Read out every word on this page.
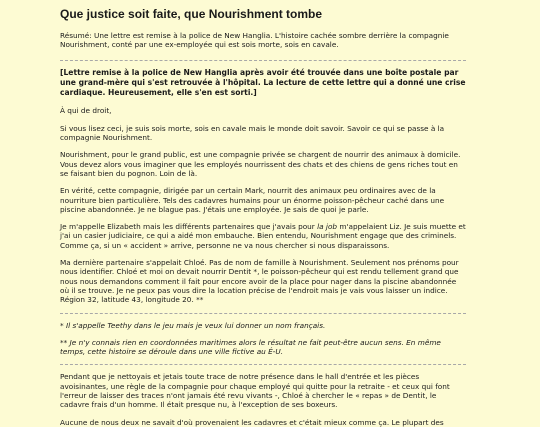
Que justice soit faite, que Nourishment tombe

Résumé: Une lettre est remise à la police de New Hanglia. L'histoire cachée sombre derrière la compagnie Nourishment, conté par une ex-employée qui est sois morte, sois en cavale.

[Lettre remise à la police de New Hanglia après avoir été trouvée dans une boîte postale par une grand-mère qui s'est retrouvée à l'hôpital. La lecture de cette lettre qui a donné une crise cardiaque. Heureusement, elle s'en est sorti.]

À qui de droit,

Si vous lisez ceci, je suis sois morte, sois en cavale mais le monde doit savoir. Savoir ce qui se passe à la compagnie Nourishment.

Nourishment, pour le grand public, est une compagnie privée se chargent de nourrir des animaux à domicile. Vous devez alors vous imaginer que les employés nourrissent des chats et des chiens de gens riches tout en se faisant bien du pognon. Loin de là.

En vérité, cette compagnie, dirigée par un certain Mark, nourrit des animaux peu ordinaires avec de la nourriture bien particulière. Tels des cadavres humains pour un énorme poisson-pêcheur caché dans une piscine abandonnée. Je ne blague pas. J'étais une employée. Je sais de quoi je parle.

Je m'appelle Elizabeth mais les différents partenaires que j'avais pour la job m'appelaient Liz. Je suis muette et j'ai un casier judiciaire, ce qui a aidé mon embauche. Bien entendu, Nourishment engage que des criminels. Comme ça, si un « accident » arrive, personne ne va nous chercher si nous disparaissons.

Ma dernière partenaire s'appelait Chloé. Pas de nom de famille à Nourishment. Seulement nos prénoms pour nous identifier. Chloé et moi on devait nourrir Dentit *, le poisson-pêcheur qui est rendu tellement grand que nous nous demandons comment il fait pour encore avoir de la place pour nager dans la piscine abandonnée où il se trouve. Je ne peux pas vous dire la location précise de l'endroit mais je vais vous laisser un indice. Région 32, latitude 43, longitude 20. **

* Il s'appelle Teethy dans le jeu mais je veux lui donner un nom français.

** Je n'y connais rien en coordonnées maritimes alors le résultat ne fait peut-être aucun sens. En même temps, cette histoire se déroule dans une ville fictive au É-U.

Pendant que je nettoyais et jetais toute trace de notre présence dans le hall d'entrée et les pièces avoisinantes, une règle de la compagnie pour chaque employé qui quitte pour la retraite - et ceux qui font l'erreur de laisser des traces n'ont jamais été revu vivants -, Chloé à chercher le « repas » de Dentit, le cadavre frais d'un homme. Il était presque nu, à l'exception de ses boxeurs.

Aucune de nous deux ne savait d'où provenaient les cadavres et c'était mieux comme ça. Le plupart des
